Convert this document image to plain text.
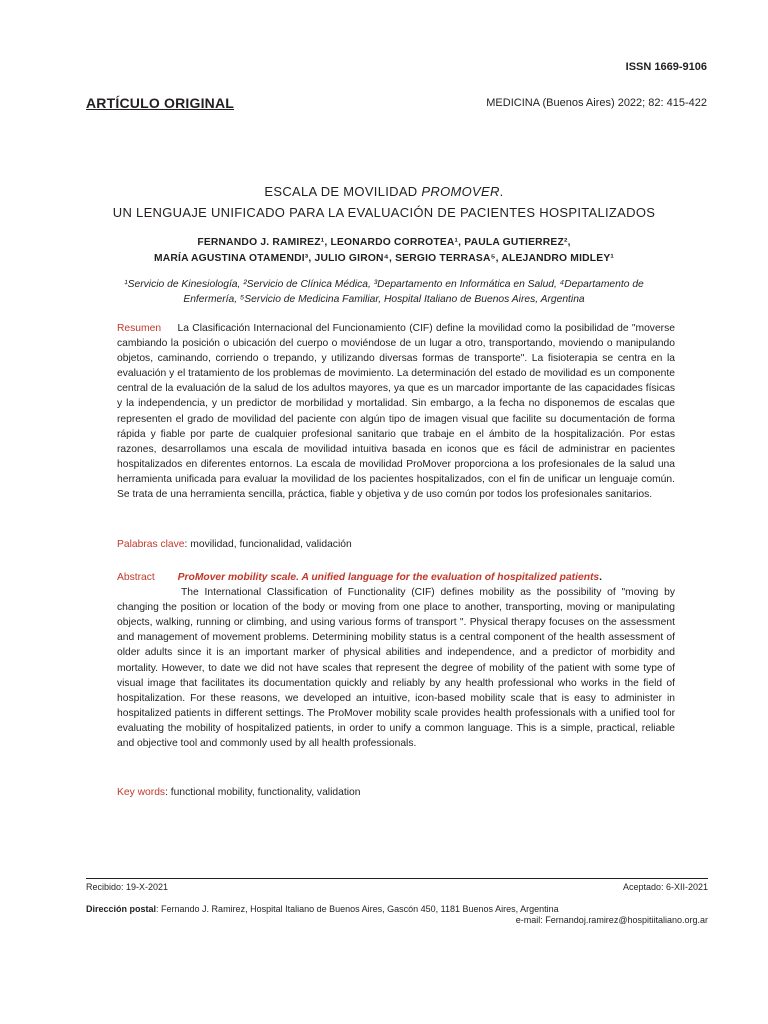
ISSN 1669-9106
ARTÍCULO ORIGINAL	MEDICINA (Buenos Aires) 2022; 82: 415-422
ESCALA DE MOVILIDAD PROMOVER.
UN LENGUAJE UNIFICADO PARA LA EVALUACIÓN DE PACIENTES HOSPITALIZADOS
FERNANDO J. RAMIREZ¹, LEONARDO CORROTEA¹, PAULA GUTIERREZ²,
MARÍA AGUSTINA OTAMENDI³, JULIO GIRON⁴, SERGIO TERRASA⁵, ALEJANDRO MIDLEY¹
¹Servicio de Kinesiología, ²Servicio de Clínica Médica, ³Departamento en Informática en Salud, ⁴Departamento de
Enfermería, ⁵Servicio de Medicina Familiar, Hospital Italiano de Buenos Aires, Argentina
Resumen La Clasificación Internacional del Funcionamiento (CIF) define la movilidad como la posibilidad de "moverse cambiando la posición o ubicación del cuerpo o moviéndose de un lugar a otro, transportando, moviendo o manipulando objetos, caminando, corriendo o trepando, y utilizando diversas formas de transporte". La fisioterapia se centra en la evaluación y el tratamiento de los problemas de movimiento. La determinación del estado de movilidad es un componente central de la evaluación de la salud de los adultos mayores, ya que es un marcador importante de las capacidades físicas y la independencia, y un predictor de morbilidad y mortalidad. Sin embargo, a la fecha no disponemos de escalas que representen el grado de movilidad del paciente con algún tipo de imagen visual que facilite su documentación de forma rápida y fiable por parte de cualquier profesional sanitario que trabaje en el ámbito de la hospitalización. Por estas razones, desarrollamos una escala de movilidad intuitiva basada en iconos que es fácil de administrar en pacientes hospitalizados en diferentes entornos. La escala de movilidad ProMover proporciona a los profesionales de la salud una herramienta unificada para evaluar la movilidad de los pacientes hospitalizados, con el fin de unificar un lenguaje común. Se trata de una herramienta sencilla, práctica, fiable y objetiva y de uso común por todos los profesionales sanitarios.
Palabras clave: movilidad, funcionalidad, validación
Abstract ProMover mobility scale. A unified language for the evaluation of hospitalized patients.
The International Classification of Functionality (CIF) defines mobility as the possibility of "moving by changing the position or location of the body or moving from one place to another, transporting, moving or manipulating objects, walking, running or climbing, and using various forms of transport ". Physical therapy focuses on the assessment and management of movement problems. Determining mobility status is a central component of the health assessment of older adults since it is an important marker of physical abilities and independence, and a predictor of morbidity and mortality. However, to date we did not have scales that represent the degree of mobility of the patient with some type of visual image that facilitates its documentation quickly and reliably by any health professional who works in the field of hospitalization. For these reasons, we developed an intuitive, icon-based mobility scale that is easy to administer in hospitalized patients in different settings. The ProMover mobility scale provides health professionals with a unified tool for evaluating the mobility of hospitalized patients, in order to unify a common language. This is a simple, practical, reliable and objective tool and commonly used by all health professionals.
Key words: functional mobility, functionality, validation
Recibido: 19-X-2021	Aceptado: 6-XII-2021
Dirección postal: Fernando J. Ramirez, Hospital Italiano de Buenos Aires, Gascón 450, 1181 Buenos Aires, Argentina
e-mail: Fernandoj.ramirez@hospitiitaliano.org.ar
